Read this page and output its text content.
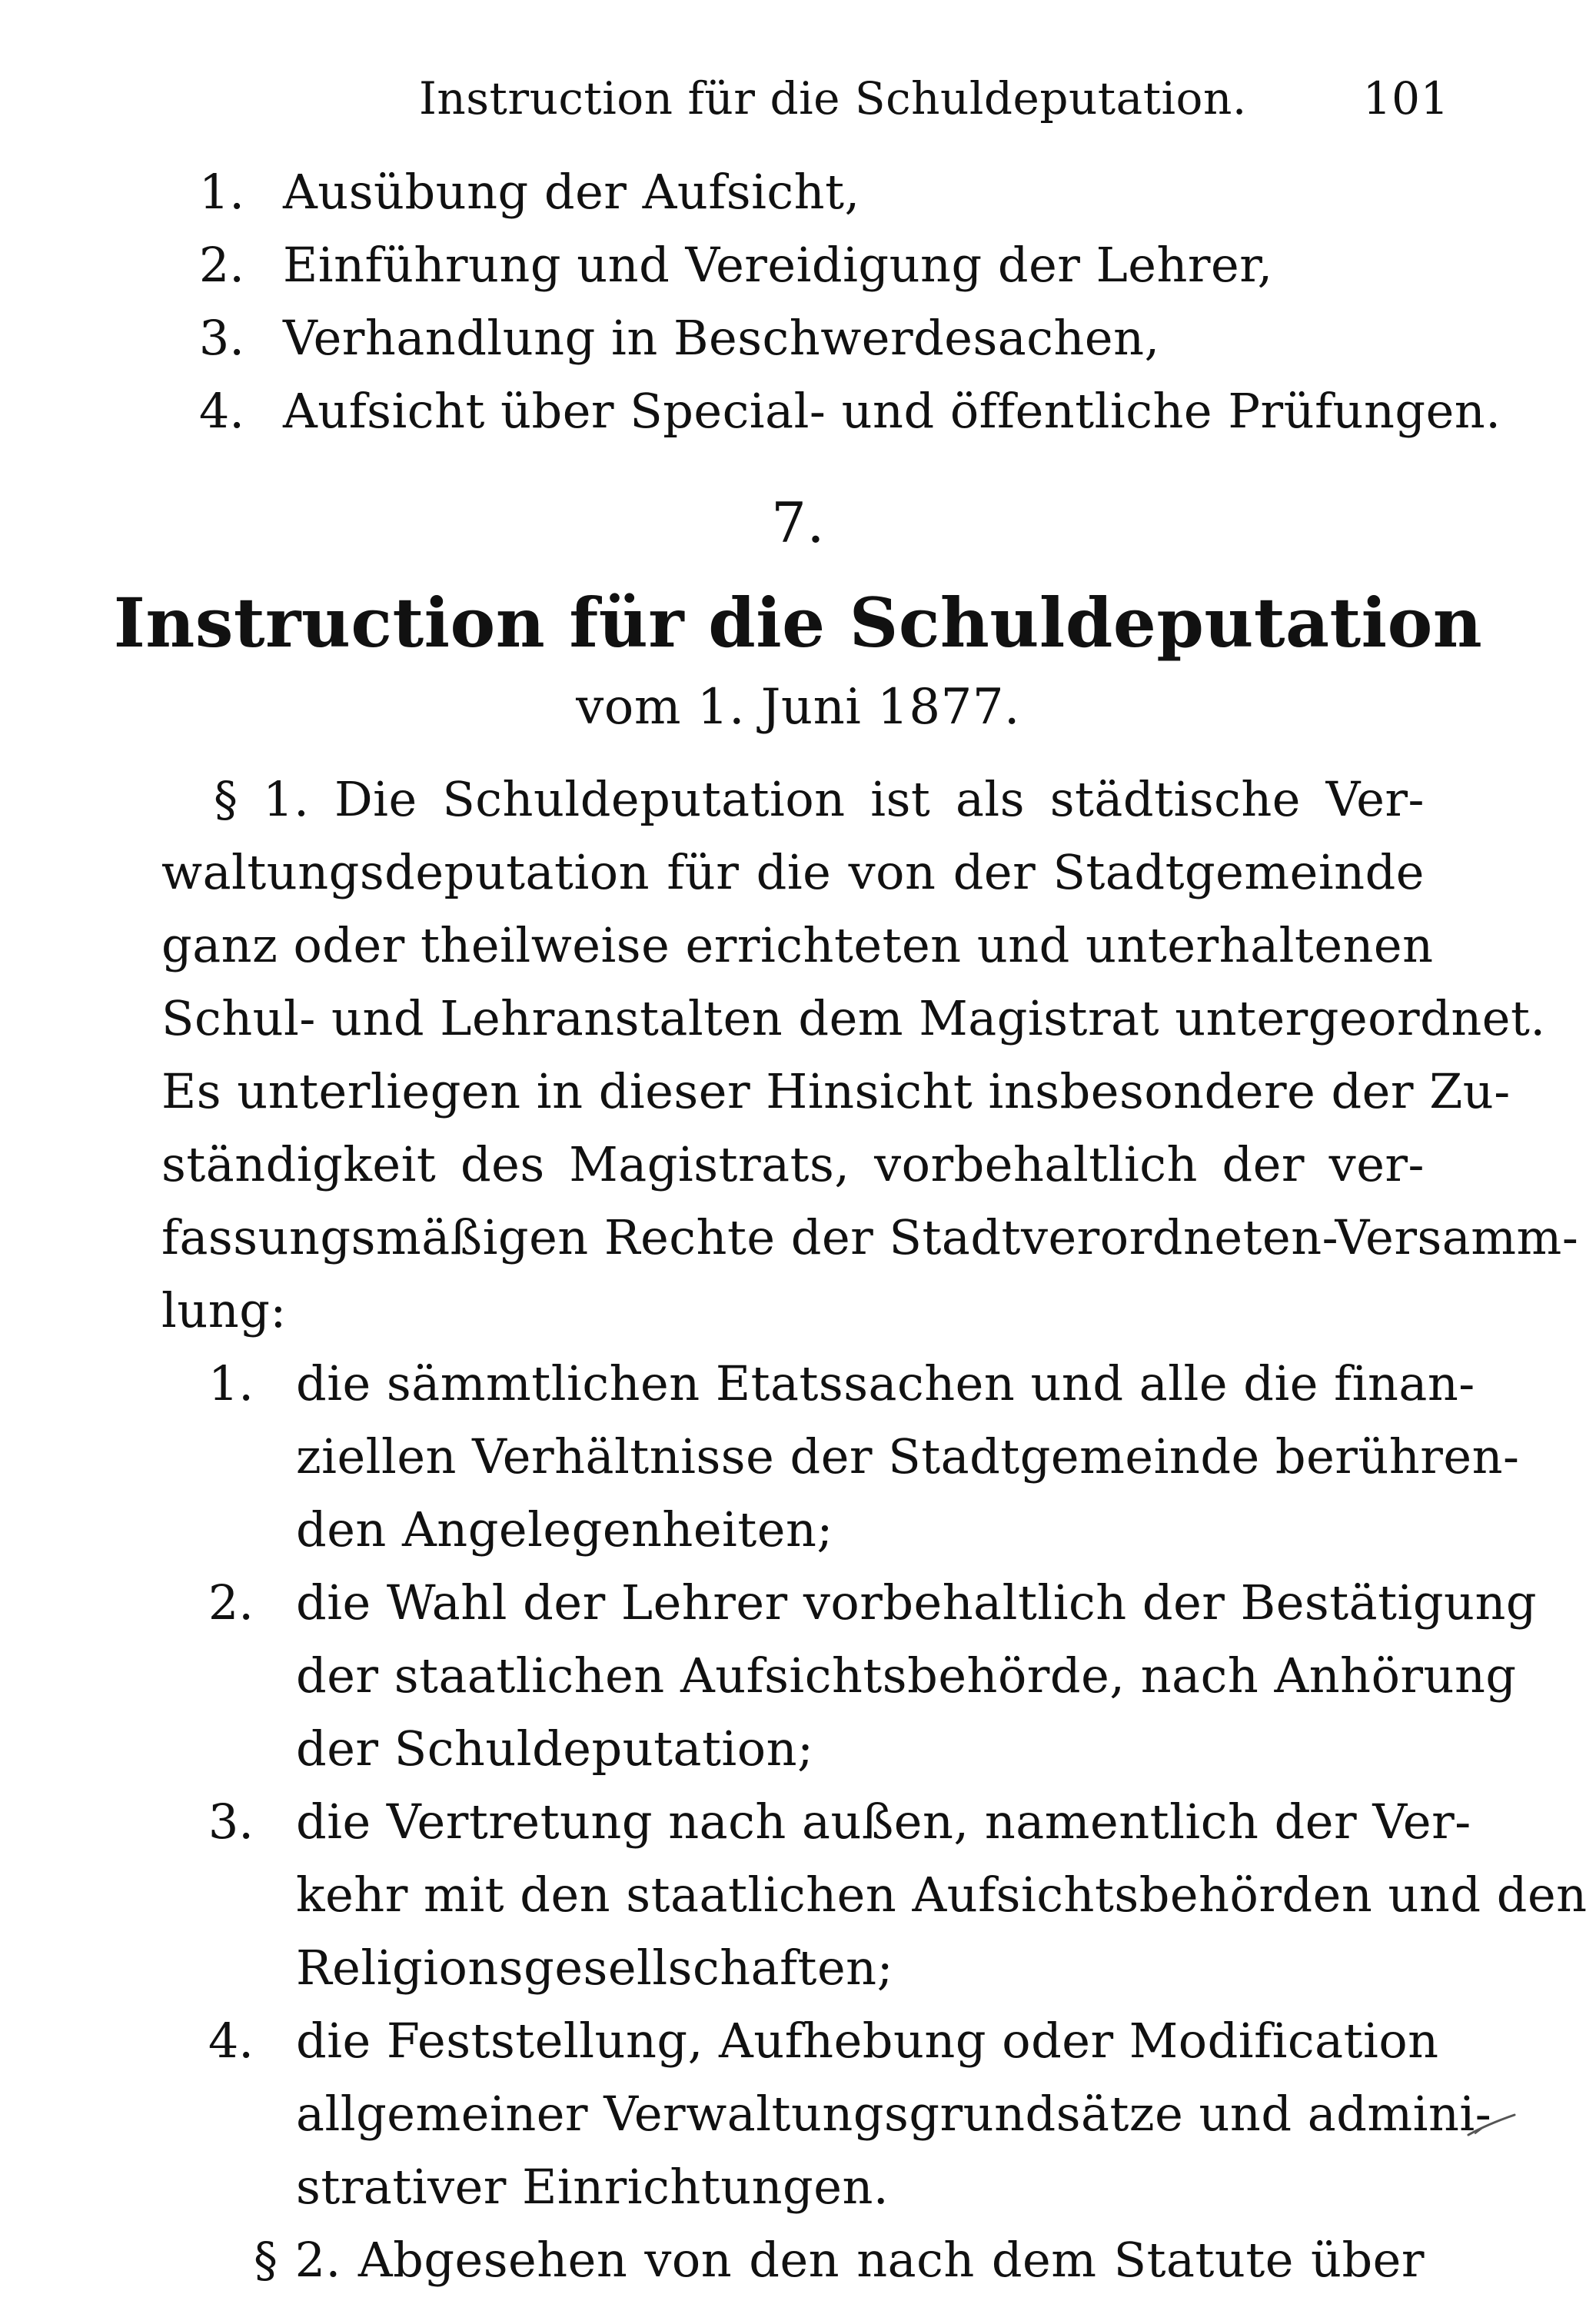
Instruction für die Schuldeputation.	101
1. Ausübung der Aufsicht,
2. Einführung und Vereidigung der Lehrer,
3. Verhandlung in Beschwerdesachen,
4. Aufsicht über Special- und öffentliche Prüfungen.
7.
Instruction für die Schuldeputation
vom 1. Juni 1877.
§ 1. Die Schuldeputation ist als städtische Ver-
waltungsdeputation für die von der Stadtgemeinde
ganz oder theilweise errichteten und unterhaltenen
Schul- und Lehranstalten dem Magistrat untergeordnet.
Es unterliegen in dieser Hinsicht insbesondere der Zu-
ständigkeit des Magistrats, vorbehaltlich der ver-
fassungsmäßigen Rechte der Stadtverordneten-Versamm-
lung:
1. die sämmtlichen Etatssachen und alle die finan-
ziellen Verhältnisse der Stadtgemeinde berühren-
den Angelegenheiten;
2. die Wahl der Lehrer vorbehaltlich der Bestätigung
der staatlichen Aufsichtsbehörde, nach Anhörung
der Schuldeputation;
3. die Vertretung nach außen, namentlich der Ver-
kehr mit den staatlichen Aufsichtsbehörden und den
Religionsgesellschaften;
4. die Feststellung, Aufhebung oder Modification
allgemeiner Verwaltungsgrundsätze und admini-
strativer Einrichtungen.
§ 2. Abgesehen von den nach dem Statute über
